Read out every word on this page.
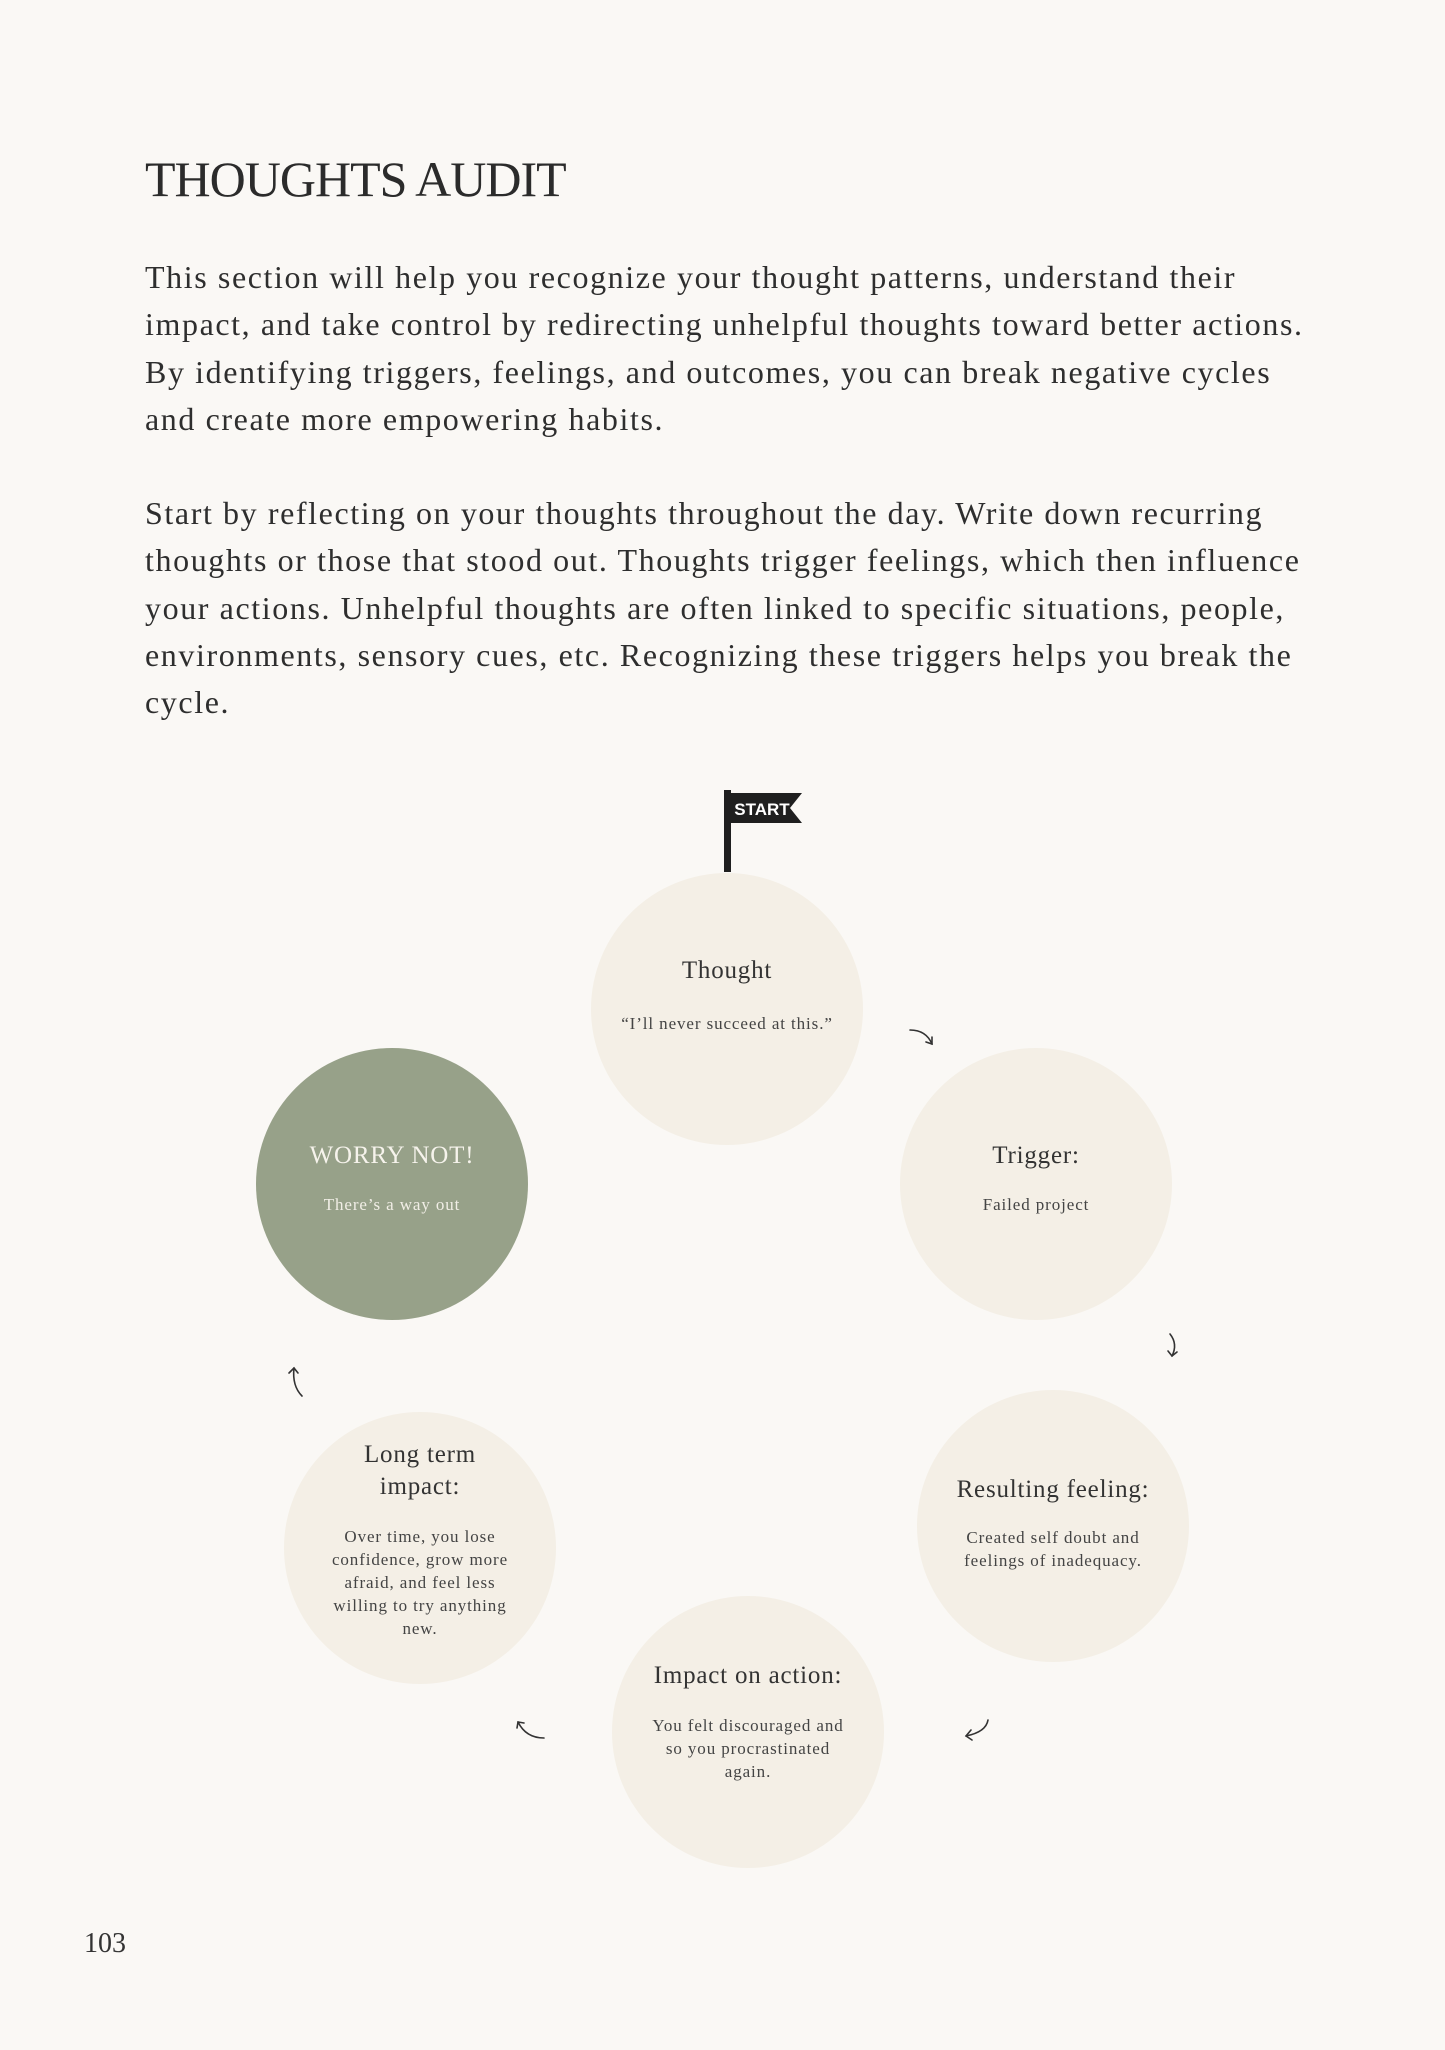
THOUGHTS AUDIT

This section will help you recognize your thought patterns, understand their impact, and take control by redirecting unhelpful thoughts toward better actions. By identifying triggers, feelings, and outcomes, you can break negative cycles and create more empowering habits.

Start by reflecting on your thoughts throughout the day. Write down recurring thoughts or those that stood out. Thoughts trigger feelings, which then influence your actions. Unhelpful thoughts are often linked to specific situations, people, environments, sensory cues, etc. Recognizing these triggers helps you break the cycle.

START
Thought
“I’ll never succeed at this.”
Trigger:
Failed project
Resulting feeling:
Created self doubt and feelings of inadequacy.
Impact on action:
You felt discouraged and so you procrastinated again.
Long term impact:
Over time, you lose confidence, grow more afraid, and feel less willing to try anything new.
WORRY NOT!
There’s a way out
103
